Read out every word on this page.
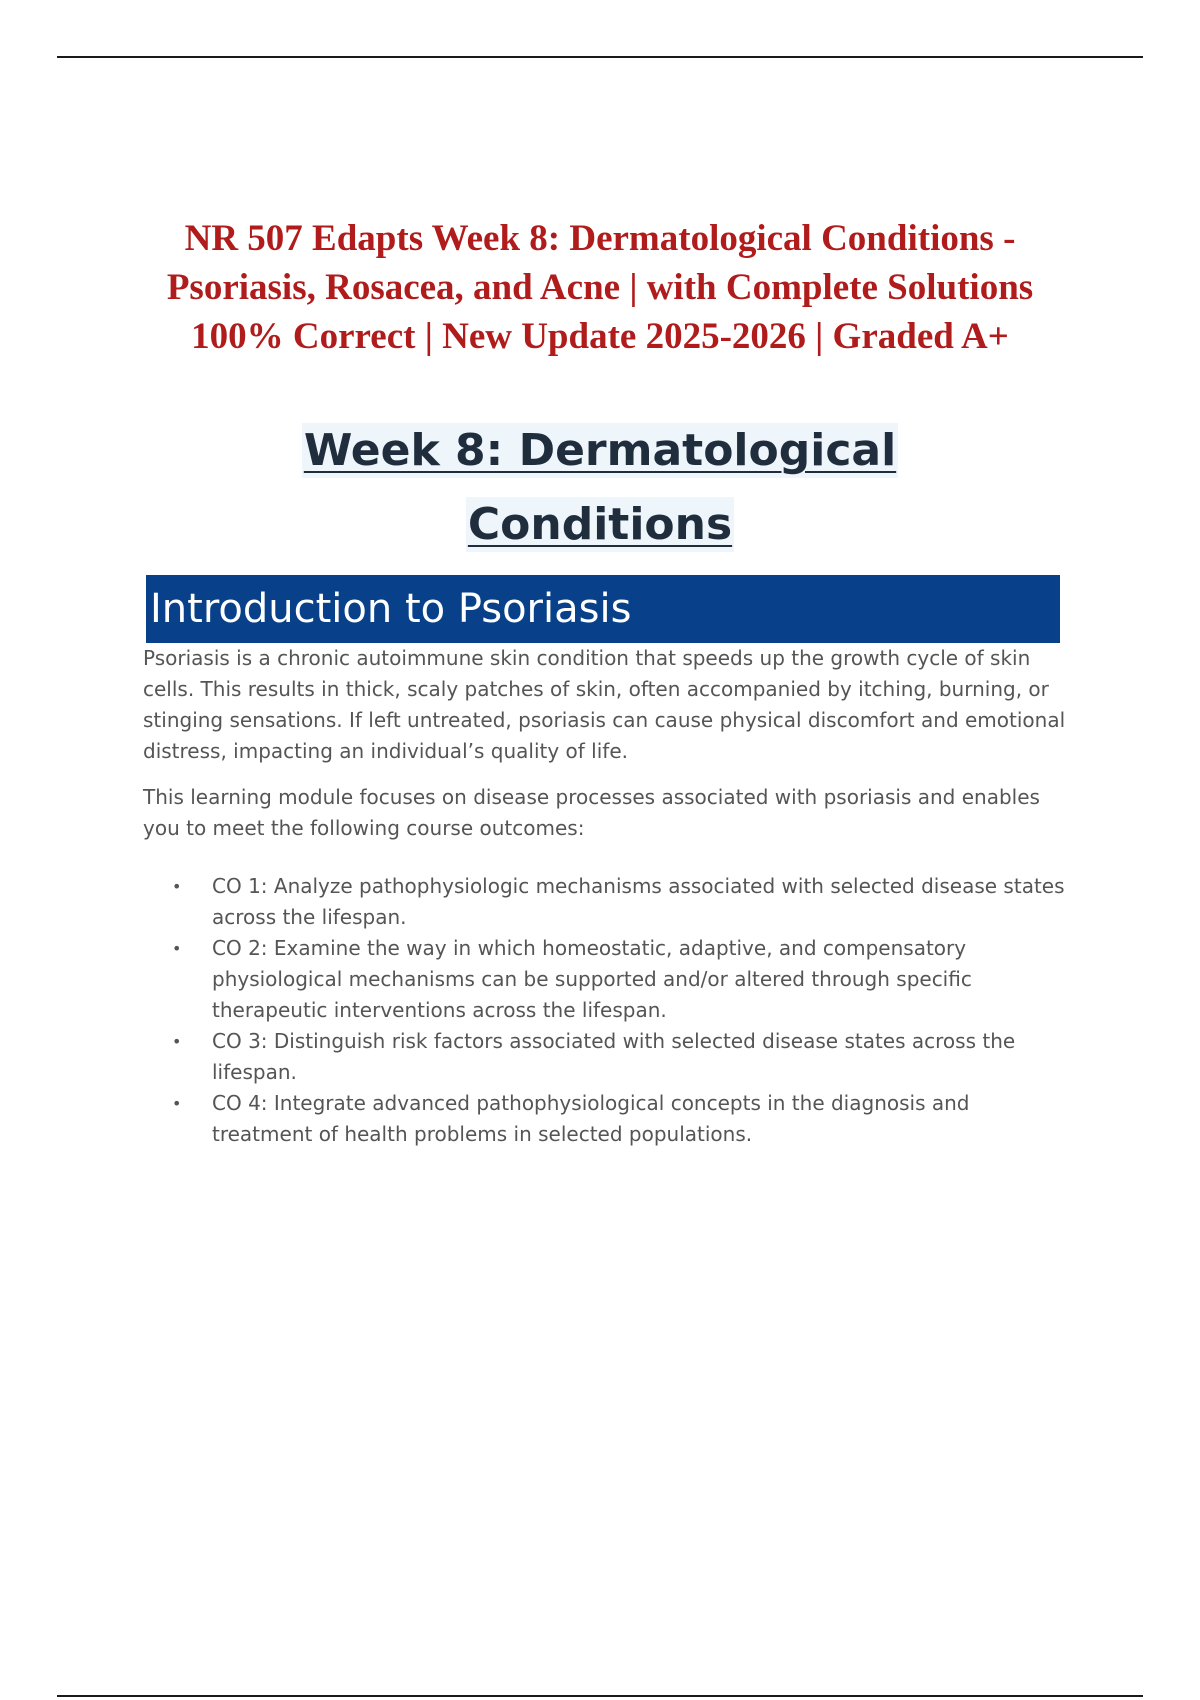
NR 507 Edapts Week 8: Dermatological Conditions - Psoriasis, Rosacea, and Acne | with Complete Solutions 100% Correct | New Update 2025-2026 | Graded A+
Week 8: Dermatological Conditions
Introduction to Psoriasis

Psoriasis is a chronic autoimmune skin condition that speeds up the growth cycle of skin cells. This results in thick, scaly patches of skin, often accompanied by itching, burning, or stinging sensations. If left untreated, psoriasis can cause physical discomfort and emotional distress, impacting an individual’s quality of life.

This learning module focuses on disease processes associated with psoriasis and enables you to meet the following course outcomes:

•	CO 1: Analyze pathophysiologic mechanisms associated with selected disease states across the lifespan.
•	CO 2: Examine the way in which homeostatic, adaptive, and compensatory physiological mechanisms can be supported and/or altered through specific therapeutic interventions across the lifespan.
•	CO 3: Distinguish risk factors associated with selected disease states across the lifespan.
•	CO 4: Integrate advanced pathophysiological concepts in the diagnosis and treatment of health problems in selected populations.
